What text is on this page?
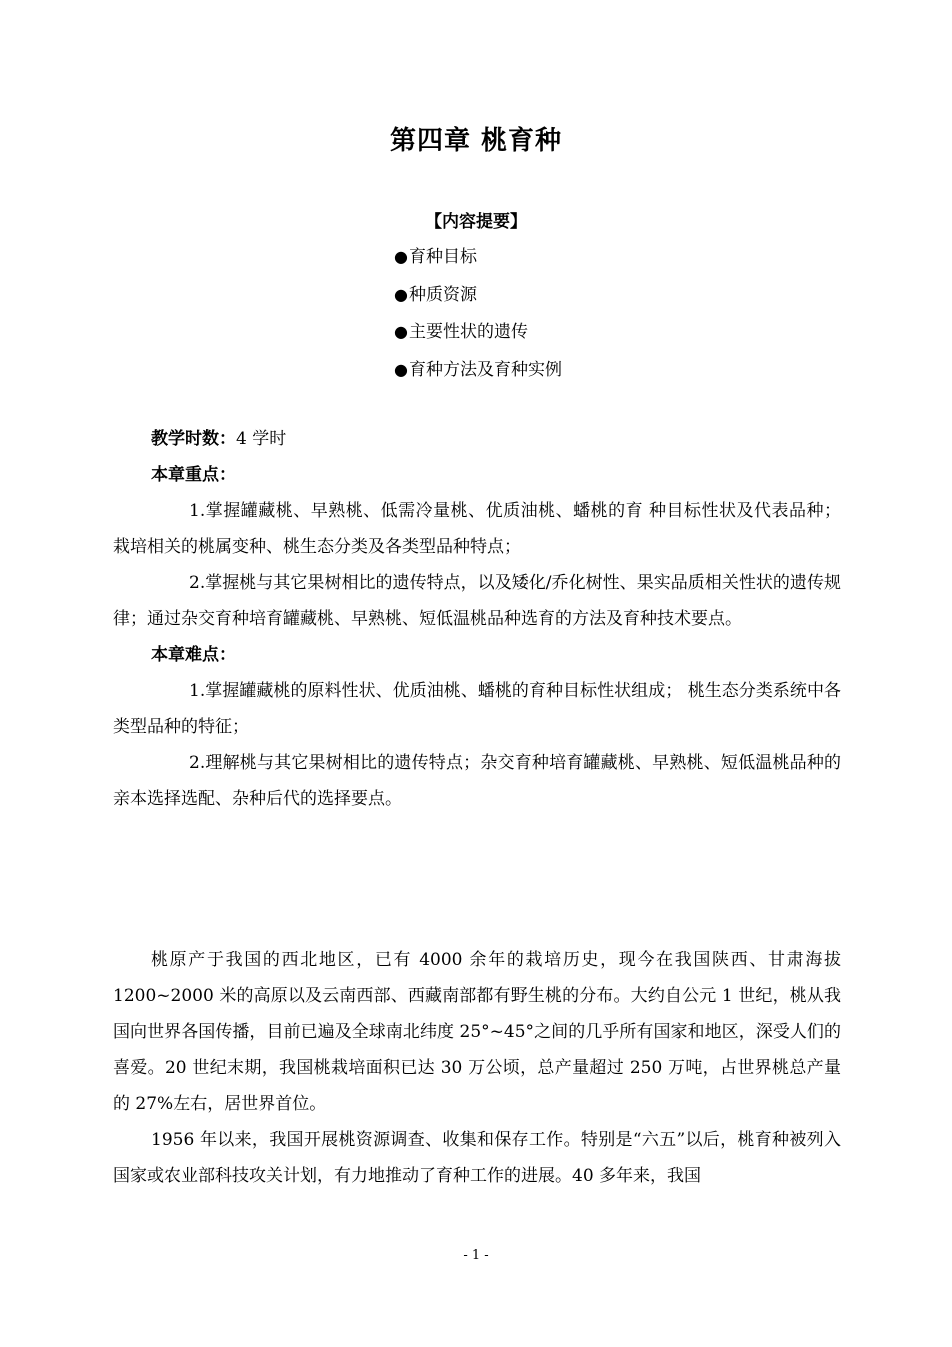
第四章 桃育种
【内容提要】
●育种目标
●种质资源
●主要性状的遗传
●育种方法及育种实例
教学时数：4 学时
本章重点：

1.掌握罐藏桃、早熟桃、低需冷量桃、优质油桃、蟠桃的育 种目标性状及代表品种； 栽培相关的桃属变种、桃生态分类及各类型品种特点；

2.掌握桃与其它果树相比的遗传特点，以及矮化/乔化树性、果实品质相关性状的遗传规律；通过杂交育种培育罐藏桃、早熟桃、短低温桃品种选育的方法及育种技术要点。

本章难点：

1.掌握罐藏桃的原料性状、优质油桃、蟠桃的育种目标性状组成； 桃生态分类系统中各类型品种的特征；

2.理解桃与其它果树相比的遗传特点；杂交育种培育罐藏桃、早熟桃、短低温桃品种的亲本选择选配、杂种后代的选择要点。

桃原产于我国的西北地区，已有 4000 余年的栽培历史，现今在我国陕西、甘肃海拔 1200~2000 米的高原以及云南西部、西藏南部都有野生桃的分布。大约自公元 1 世纪，桃从我国向世界各国传播，目前已遍及全球南北纬度 25°~45°之间的几乎所有国家和地区，深受人们的喜爱。20 世纪末期，我国桃栽培面积已达 30 万公顷，总产量超过 250 万吨，占世界桃总产量的 27%左右，居世界首位。

1956 年以来，我国开展桃资源调查、收集和保存工作。特别是“六五”以后，桃育种被列入国家或农业部科技攻关计划，有力地推动了育种工作的进展。40 多年来，我国

- 1 -
